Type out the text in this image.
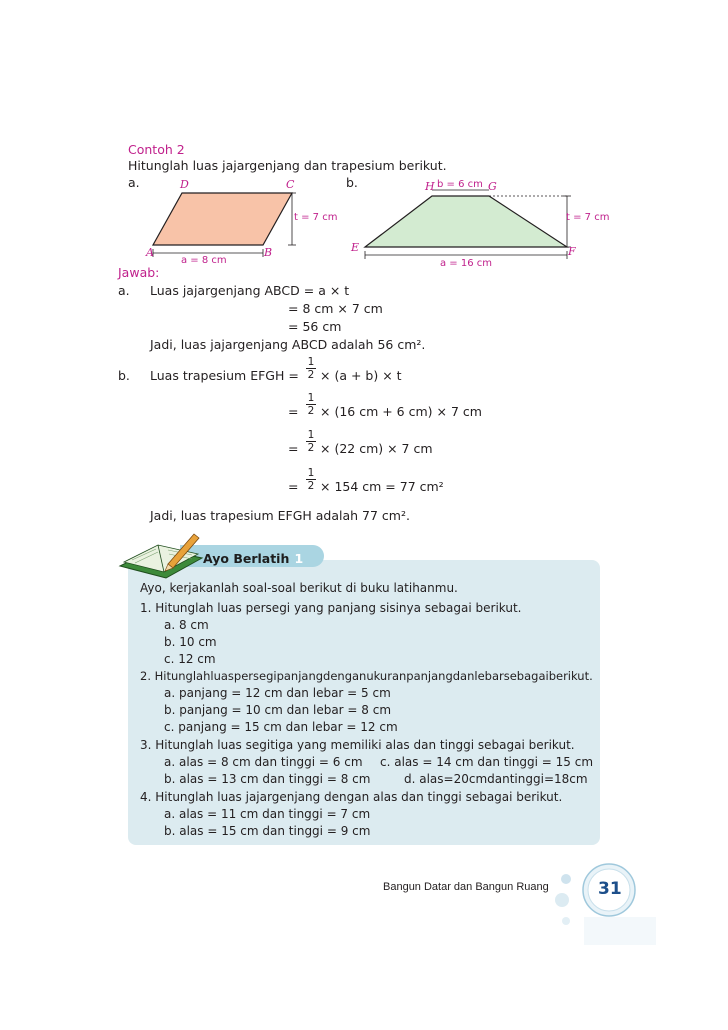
Contoh 2
Hitunglah luas jajargenjang dan trapesium berikut.
a.	b.
D	C
A	B
t = 7 cm
a = 8 cm
H b = 6 cm G
E	F
t = 7 cm
a = 16 cm
Jawab:
a. Luas jajargenjang ABCD = a × t
= 8 cm × 7 cm
= 56 cm
Jadi, luas jajargenjang ABCD adalah 56 cm².
b. Luas trapesium EFGH =
1
2 × (a + b) × t
=
1
2 × (16 cm + 6 cm) × 7 cm
=
1
2 × (22 cm) × 7 cm
=
1
2 × 154 cm = 77 cm²
Jadi, luas trapesium EFGH adalah 77 cm².
Ayo Berlatih 1
Ayo, kerjakanlah soal-soal berikut di buku latihanmu.
1. Hitunglah luas persegi yang panjang sisinya sebagai berikut.
a. 8 cm
b. 10 cm
c. 12 cm
2. Hitunglahluaspersegipanjangdenganukuranpanjangdanlebarsebagaiberikut.
a. panjang = 12 cm dan lebar = 5 cm
b. panjang = 10 cm dan lebar = 8 cm
c. panjang = 15 cm dan lebar = 12 cm
3. Hitunglah luas segitiga yang memiliki alas dan tinggi sebagai berikut.
a. alas = 8 cm dan tinggi = 6 cm c. alas = 14 cm dan tinggi = 15 cm
b. alas = 13 cm dan tinggi = 8 cm	d. alas=20cmdantinggi=18cm
4. Hitunglah luas jajargenjang dengan alas dan tinggi sebagai berikut.
a. alas = 11 cm dan tinggi = 7 cm
b. alas = 15 cm dan tinggi = 9 cm
Bangun Datar dan Bangun Ruang	31
